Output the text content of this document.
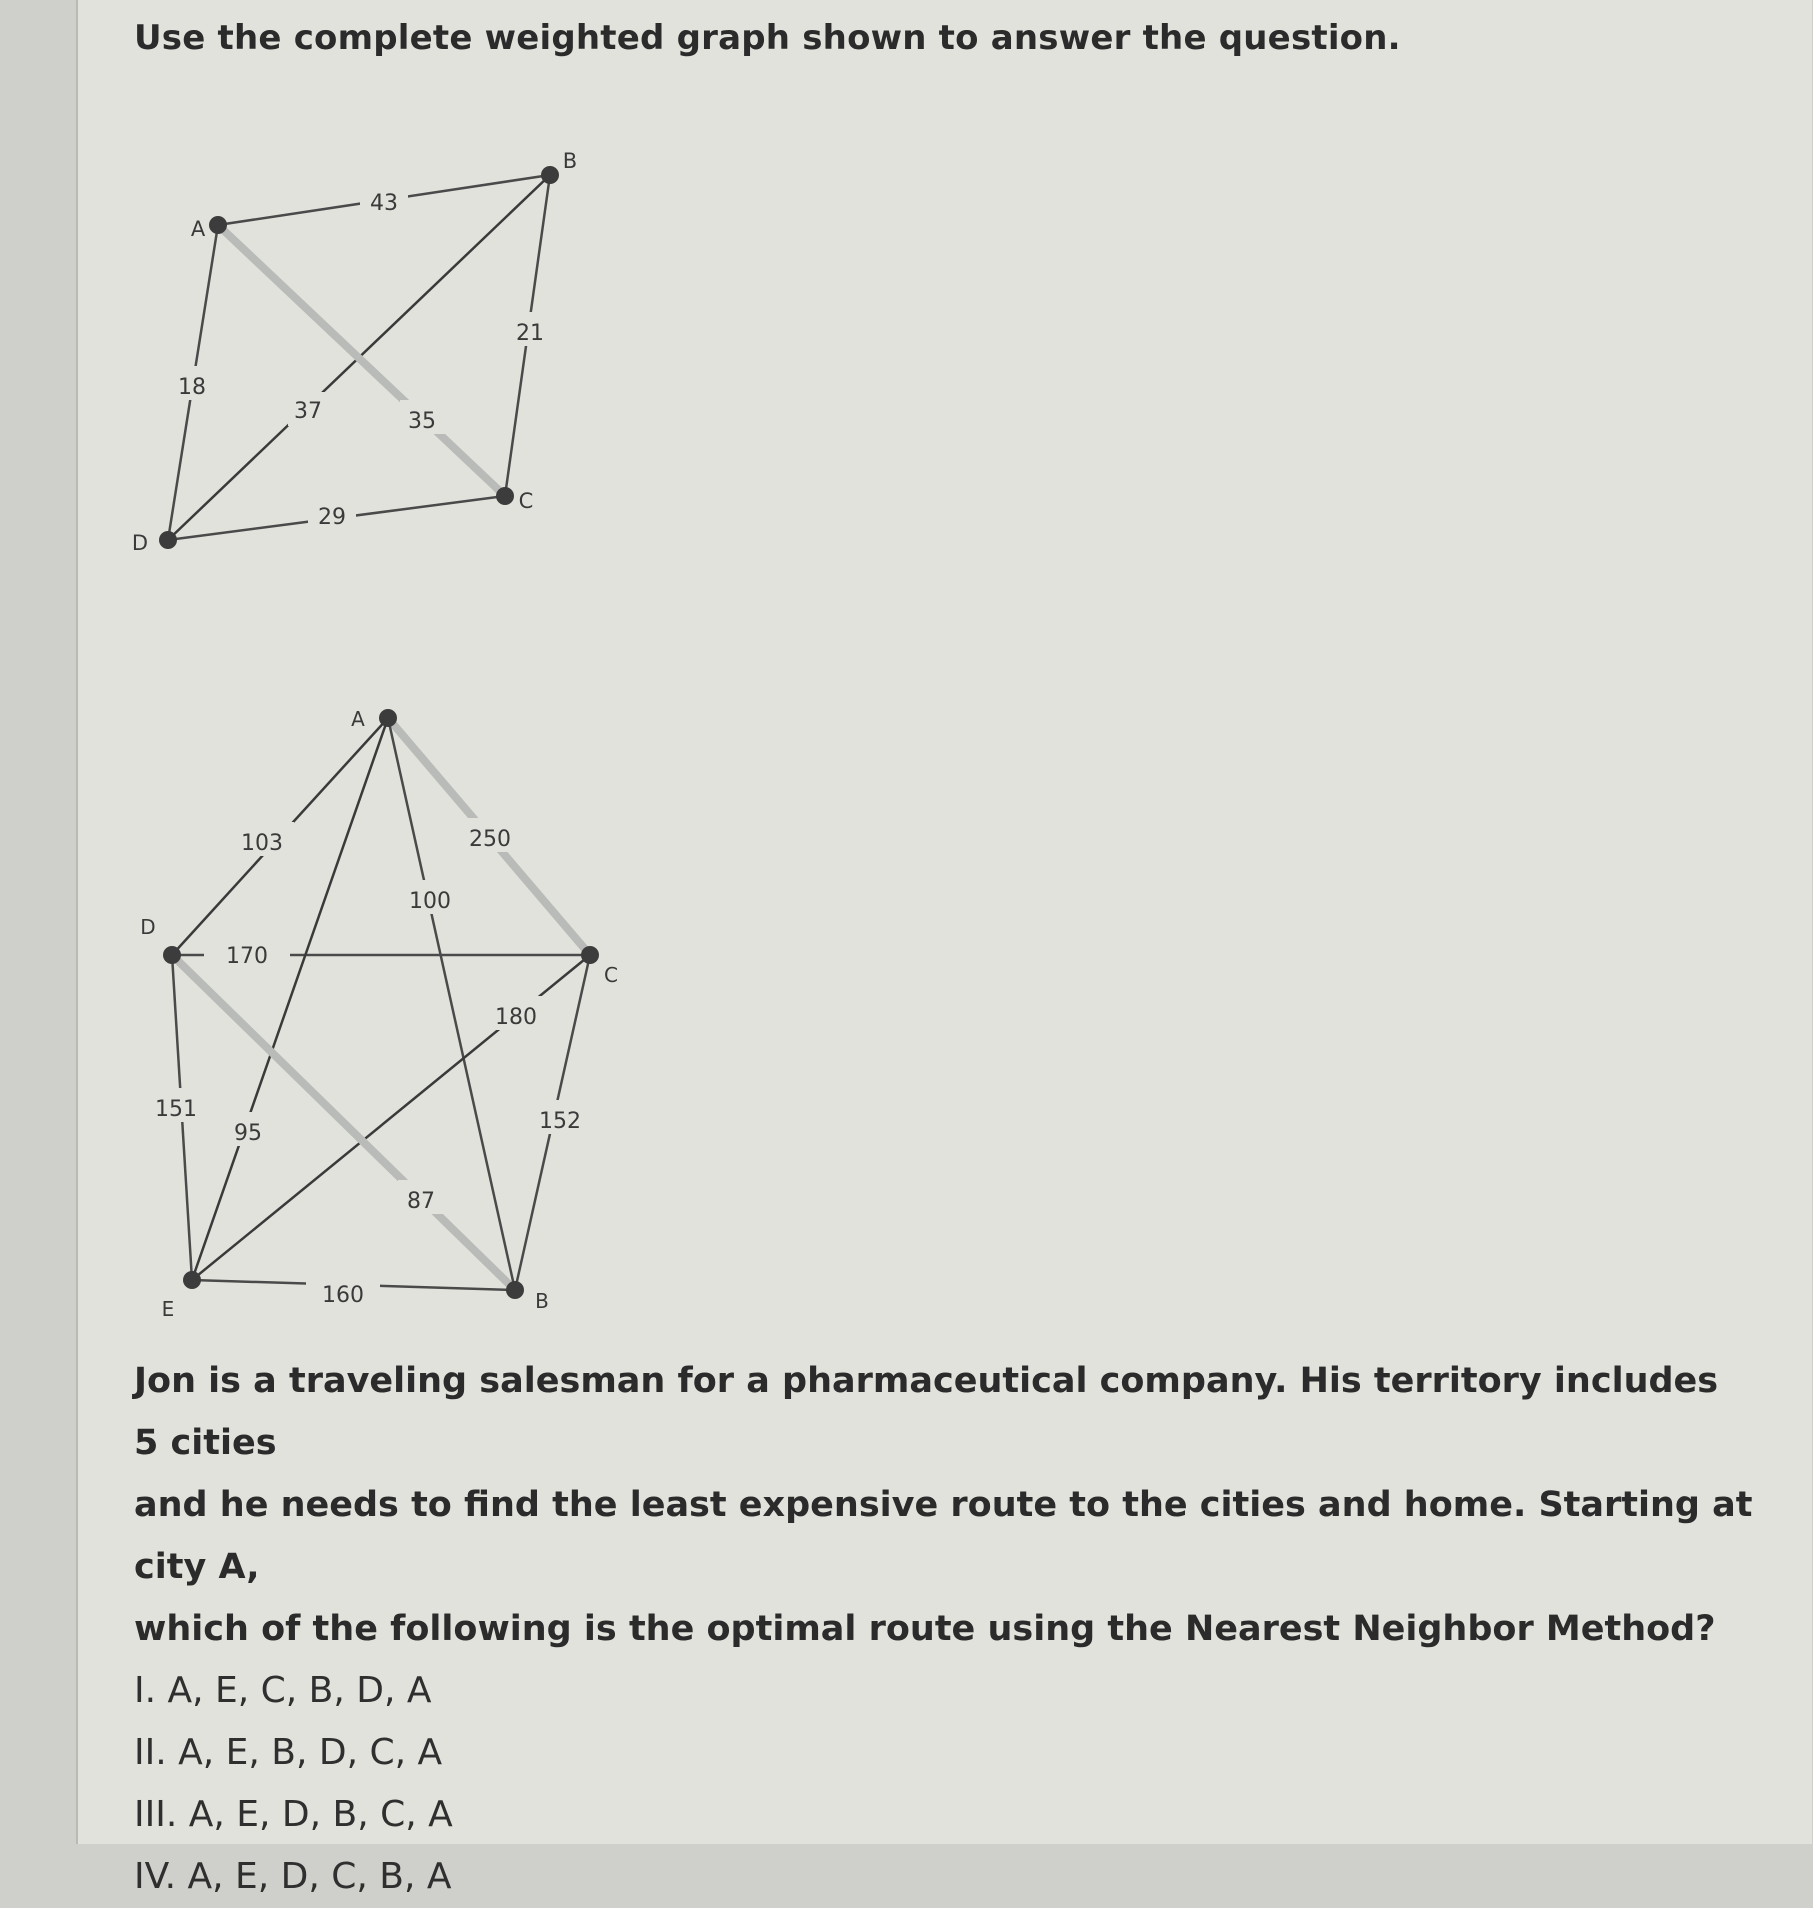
Use the complete weighted graph shown to answer the question.
43
21
18
37	35
29
A
B
C
D
103	250
100
170
180
151
95	152
87
160
A
D
C
E	B

Jon is a traveling salesman for a pharmaceutical company. His territory includes 5 cities

and he needs to find the least expensive route to the cities and home. Starting at city A,

which of the following is the optimal route using the Nearest Neighbor Method?

I. A, E, C, B, D, A

II. A, E, B, D, C, A

III. A, E, D, B, C, A

IV. A, E, D, C, B, A
